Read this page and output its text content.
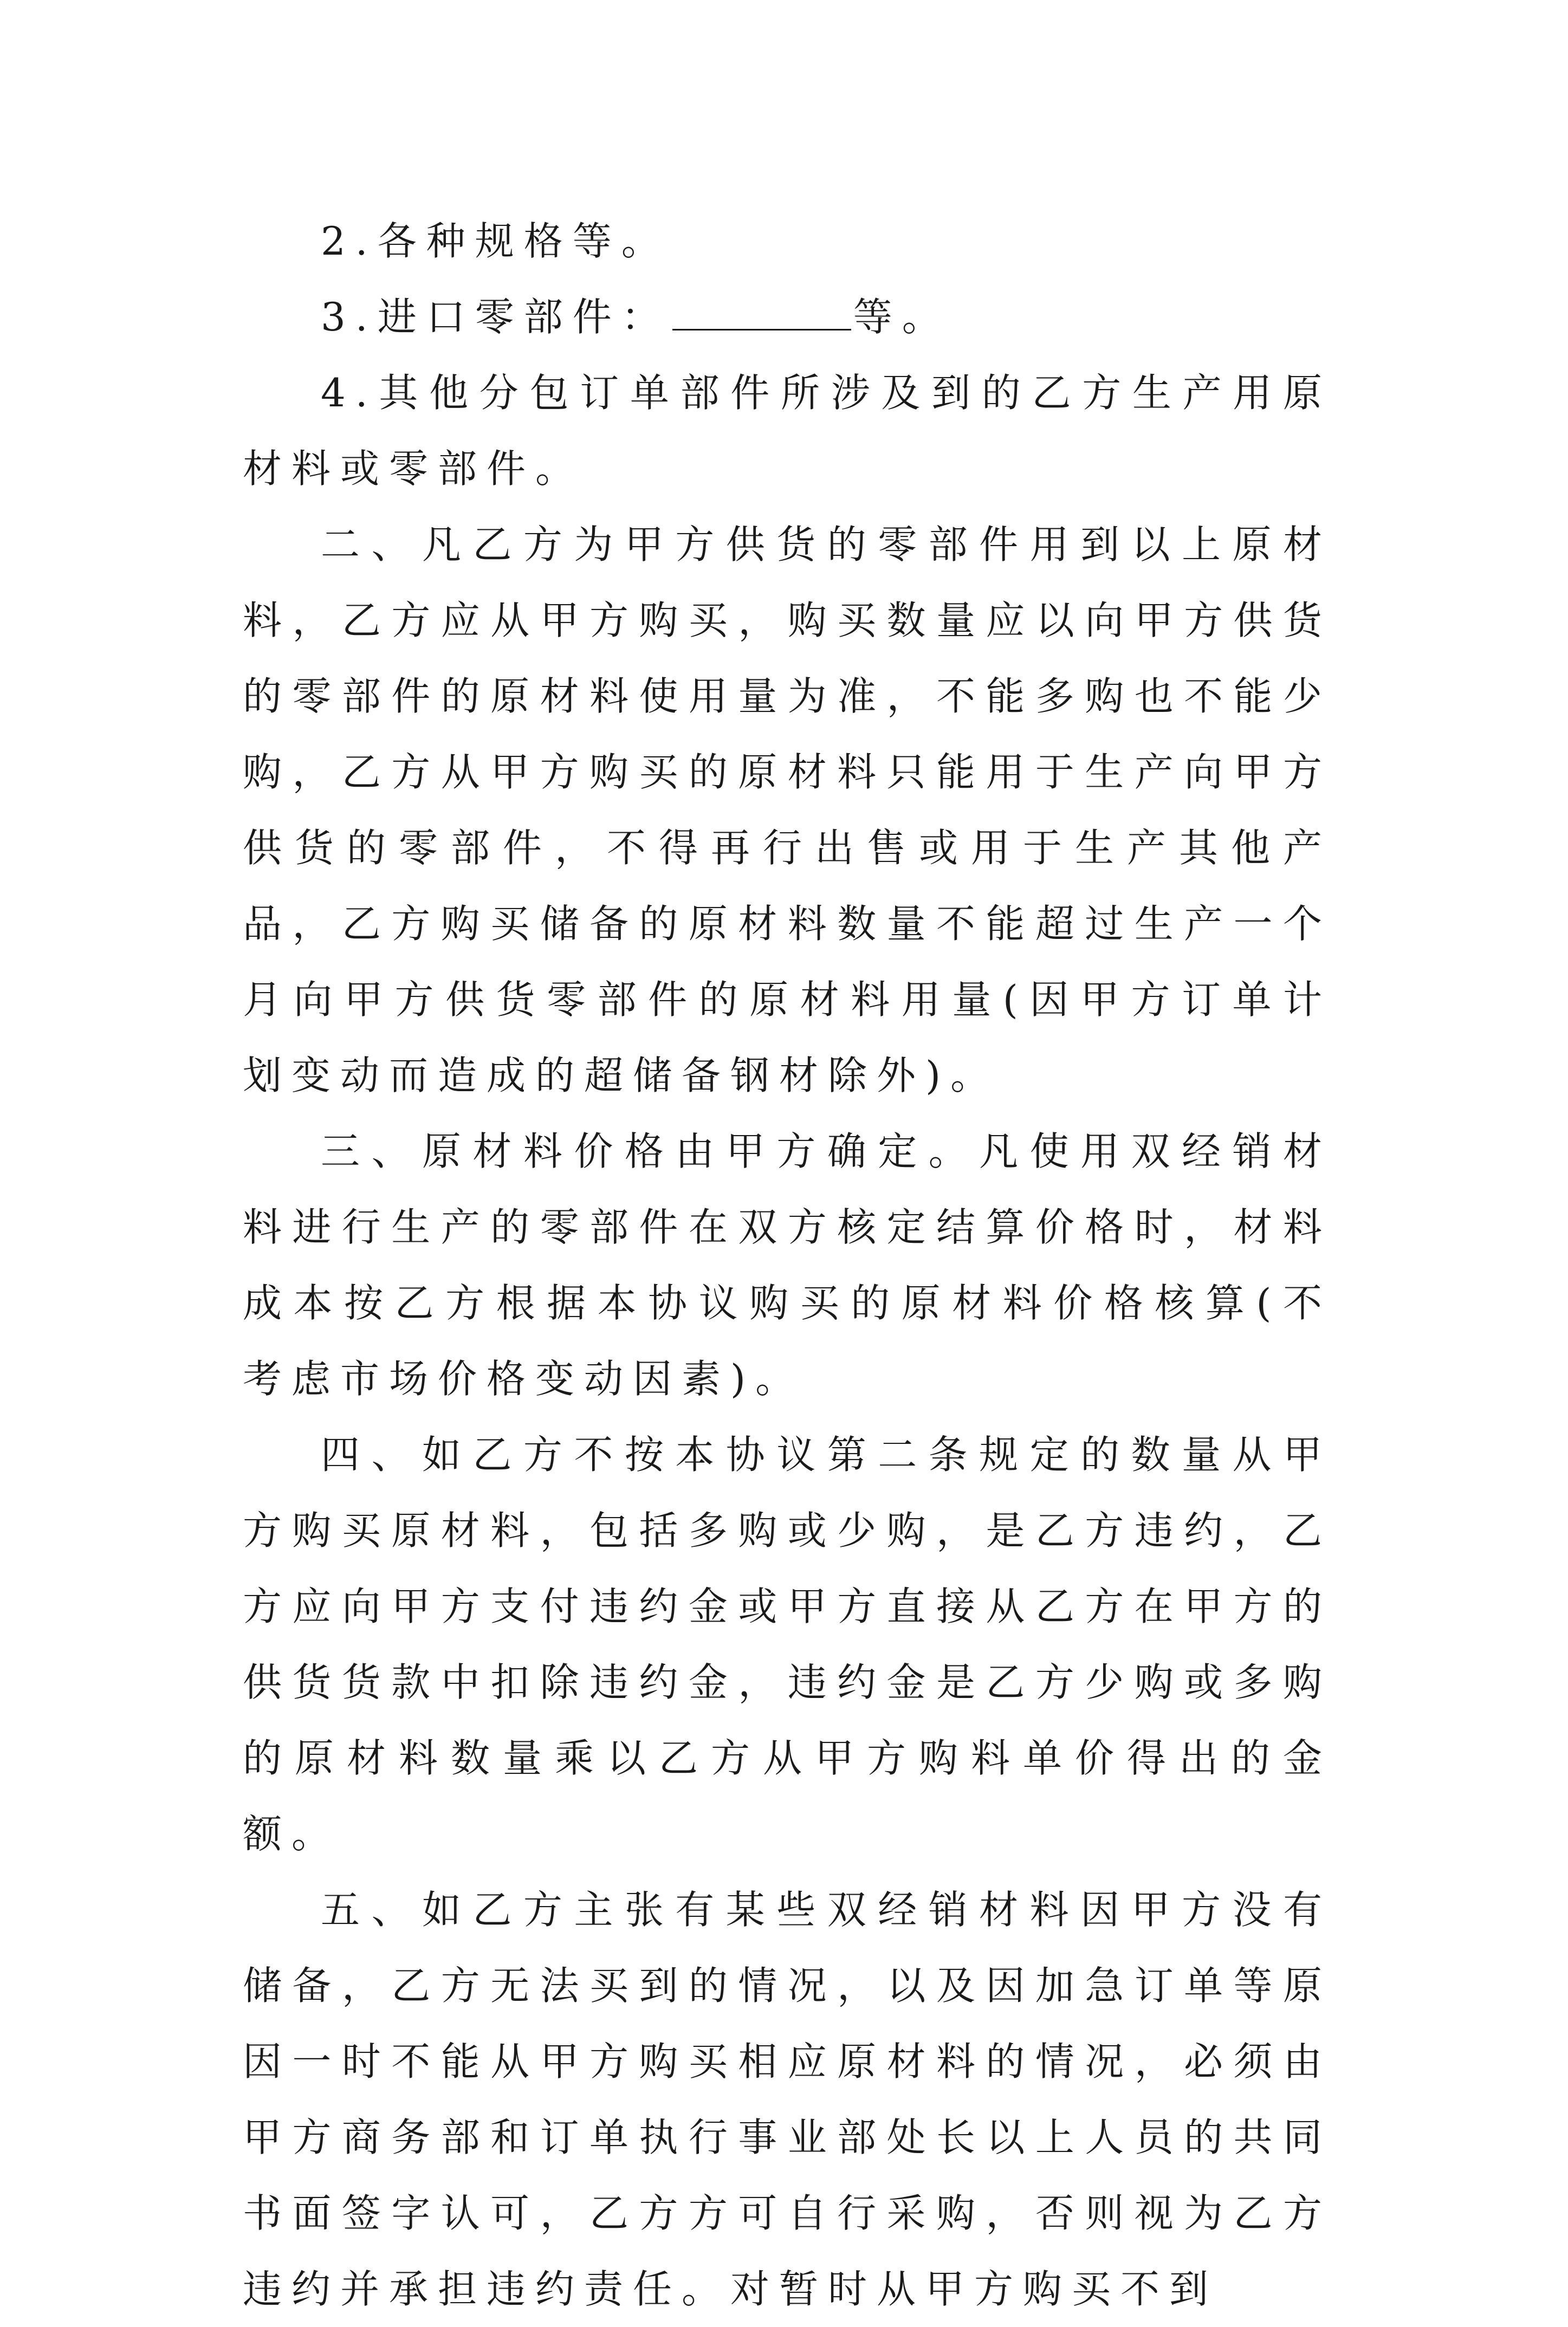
2.各种规格等。

3.进口零部件：	等。

4.其他分包订单部件所涉及到的乙方生产用原材料或零部件。

二、凡乙方为甲方供货的零部件用到以上原材料，乙方应从甲方购买，购买数量应以向甲方供货的零部件的原材料使用量为准，不能多购也不能少购，乙方从甲方购买的原材料只能用于生产向甲方供货的零部件，不得再行出售或用于生产其他产品，乙方购买储备的原材料数量不能超过生产一个月向甲方供货零部件的原材料用量(因甲方订单计划变动而造成的超储备钢材除外)。

三、原材料价格由甲方确定。凡使用双经销材料进行生产的零部件在双方核定结算价格时，材料成本按乙方根据本协议购买的原材料价格核算(不考虑市场价格变动因素)。

四、如乙方不按本协议第二条规定的数量从甲方购买原材料，包括多购或少购，是乙方违约，乙方应向甲方支付违约金或甲方直接从乙方在甲方的供货货款中扣除违约金，违约金是乙方少购或多购的原材料数量乘以乙方从甲方购料单价得出的金额。

五、如乙方主张有某些双经销材料因甲方没有储备，乙方无法买到的情况，以及因加急订单等原因一时不能从甲方购买相应原材料的情况，必须由甲方商务部和订单执行事业部处长以上人员的共同书面签字认可，乙方方可自行采购，否则视为乙方违约并承担违约责任。对暂时从甲方购买不到
